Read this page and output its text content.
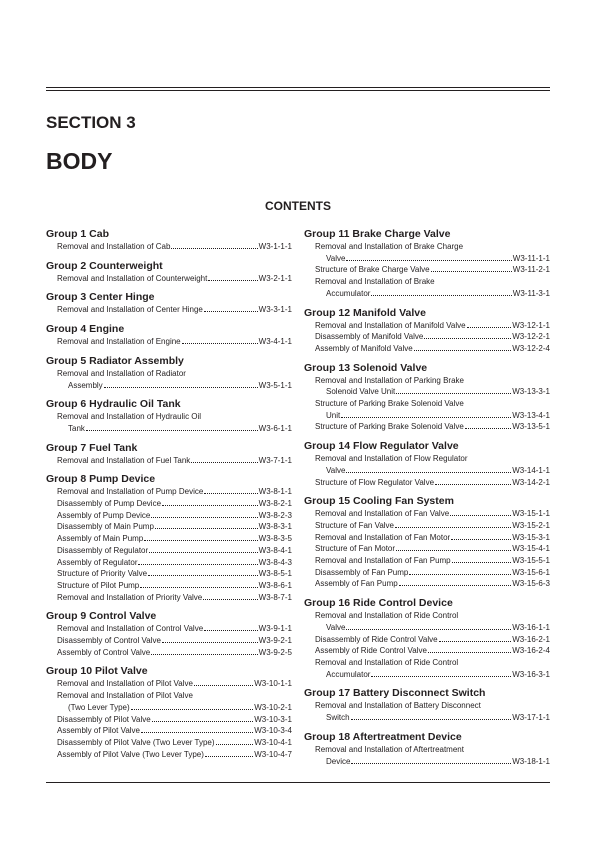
SECTION 3
BODY
CONTENTS
Group 1 Cab
Removal and Installation of Cab	W3-1-1-1
Group 2 Counterweight
Removal and Installation of Counterweight	W3-2-1-1
Group 3 Center Hinge
Removal and Installation of Center Hinge	W3-3-1-1
Group 4 Engine
Removal and Installation of Engine	W3-4-1-1
Group 5 Radiator Assembly
Removal and Installation of Radiator
Assembly	W3-5-1-1
Group 6 Hydraulic Oil Tank
Removal and Installation of Hydraulic Oil
Tank	W3-6-1-1
Group 7 Fuel Tank
Removal and Installation of Fuel Tank	W3-7-1-1
Group 8 Pump Device
Removal and Installation of Pump Device	W3-8-1-1
Disassembly of Pump Device	W3-8-2-1
Assembly of Pump Device	W3-8-2-3
Disassembly of Main Pump	W3-8-3-1
Assembly of Main Pump	W3-8-3-5
Disassembly of Regulator	W3-8-4-1
Assembly of Regulator	W3-8-4-3
Structure of Priority Valve	W3-8-5-1
Structure of Pilot Pump	W3-8-6-1
Removal and Installation of Priority Valve	W3-8-7-1
Group 9 Control Valve
Removal and Installation of Control Valve	W3-9-1-1
Disassembly of Control Valve	W3-9-2-1
Assembly of Control Valve	W3-9-2-5
Group 10 Pilot Valve
Removal and Installation of Pilot Valve	W3-10-1-1
Removal and Installation of Pilot Valve
(Two Lever Type)	W3-10-2-1
Disassembly of Pilot Valve	W3-10-3-1
Assembly of Pilot Valve	W3-10-3-4
Disassembly of Pilot Valve (Two Lever Type)	W3-10-4-1
Assembly of Pilot Valve (Two Lever Type)	W3-10-4-7
Group 11 Brake Charge Valve
Removal and Installation of Brake Charge
Valve	W3-11-1-1
Structure of Brake Charge Valve	W3-11-2-1
Removal and Installation of Brake
Accumulator	W3-11-3-1
Group 12 Manifold Valve
Removal and Installation of Manifold Valve	W3-12-1-1
Disassembly of Manifold Valve	W3-12-2-1
Assembly of Manifold Valve	W3-12-2-4
Group 13 Solenoid Valve
Removal and Installation of Parking Brake
Solenoid Valve Unit	W3-13-3-1
Structure of Parking Brake Solenoid Valve
Unit	W3-13-4-1
Structure of Parking Brake Solenoid Valve	W3-13-5-1
Group 14 Flow Regulator Valve
Removal and Installation of Flow Regulator
Valve	W3-14-1-1
Structure of Flow Regulator Valve	W3-14-2-1
Group 15 Cooling Fan System
Removal and Installation of Fan Valve	W3-15-1-1
Structure of Fan Valve	W3-15-2-1
Removal and Installation of Fan Motor	W3-15-3-1
Structure of Fan Motor	W3-15-4-1
Removal and Installation of Fan Pump	W3-15-5-1
Disassembly of Fan Pump	W3-15-6-1
Assembly of Fan Pump	W3-15-6-3
Group 16 Ride Control Device
Removal and Installation of Ride Control
Valve	W3-16-1-1
Disassembly of Ride Control Valve	W3-16-2-1
Assembly of Ride Control Valve	W3-16-2-4
Removal and Installation of Ride Control
Accumulator	W3-16-3-1
Group 17 Battery Disconnect Switch
Removal and Installation of Battery Disconnect
Switch	W3-17-1-1
Group 18 Aftertreatment Device
Removal and Installation of Aftertreatment
Device	W3-18-1-1
